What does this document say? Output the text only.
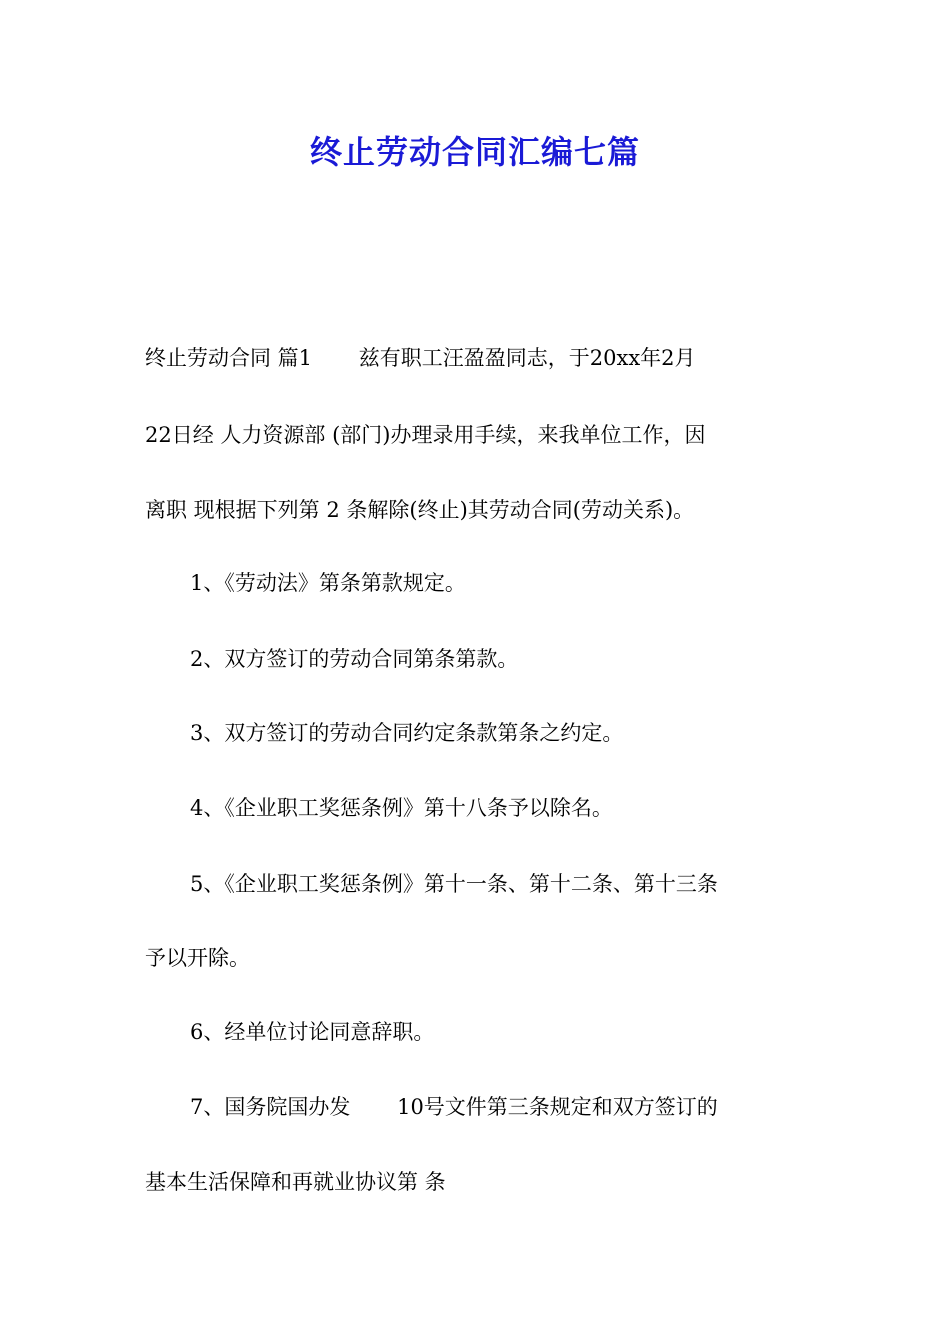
终止劳动合同汇编七篇
终止劳动合同 篇1       兹有职工汪盈盈同志，于20xx年2月
22日经 人力资源部 (部门)办理录用手续，来我单位工作，因
离职 现根据下列第 2 条解除(终止)其劳动合同(劳动关系)。
1、《劳动法》第条第款规定。
2、双方签订的劳动合同第条第款。
3、双方签订的劳动合同约定条款第条之约定。
4、《企业职工奖惩条例》第十八条予以除名。
5、《企业职工奖惩条例》第十一条、第十二条、第十三条
予以开除。
6、经单位讨论同意辞职。
7、国务院国办发       10号文件第三条规定和双方签订的
基本生活保障和再就业协议第 条
